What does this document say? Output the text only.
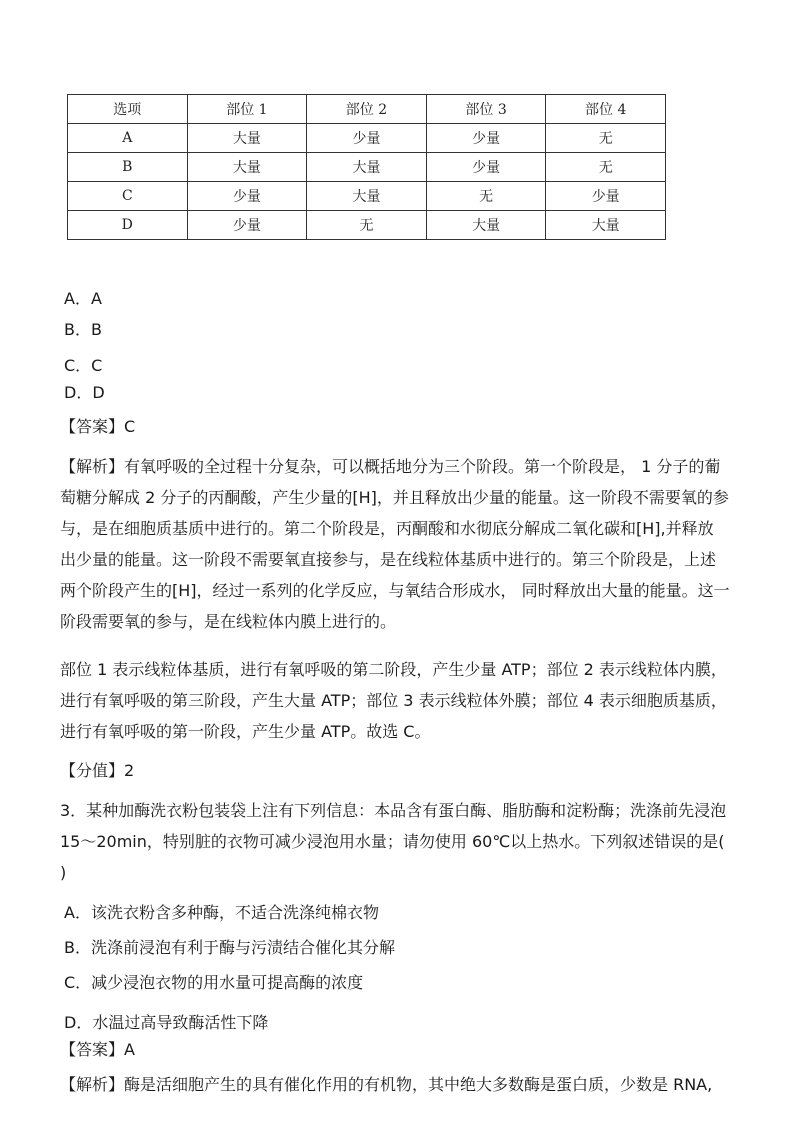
选项	部位 1	部位 2	部位 3	部位 4
A	大量	少量	少量	无
B	大量	大量	少量	无
C	少量	大量	无	少量
D	少量	无	大量	大量
A．A
B．B
C．C
D．D
【答案】C

【解析】有氧呼吸的全过程十分复杂，可以概括地分为三个阶段。第一个阶段是， 1 分子的葡

萄糖分解成 2 分子的丙酮酸，产生少量的[H]，并且释放出少量的能量。这一阶段不需要氧的参

与，是在细胞质基质中进行的。第二个阶段是，丙酮酸和水彻底分解成二氧化碳和[H],并释放

出少量的能量。这一阶段不需要氧直接参与，是在线粒体基质中进行的。第三个阶段是，上述

两个阶段产生的[H]，经过一系列的化学反应，与氧结合形成水， 同时释放出大量的能量。这一

阶段需要氧的参与，是在线粒体内膜上进行的。

部位 1 表示线粒体基质，进行有氧呼吸的第二阶段，产生少量 ATP；部位 2 表示线粒体内膜，

进行有氧呼吸的第三阶段，产生大量 ATP；部位 3 表示线粒体外膜；部位 4 表示细胞质基质，

进行有氧呼吸的第一阶段，产生少量 ATP。故选 C。

【分值】2

3．某种加酶洗衣粉包装袋上注有下列信息：本品含有蛋白酶、脂肪酶和淀粉酶；洗涤前先浸泡

15～20min，特别脏的衣物可减少浸泡用水量；请勿使用 60℃以上热水。下列叙述错误的是(

)

A．该洗衣粉含多种酶，不适合洗涤纯棉衣物
B．洗涤前浸泡有利于酶与污渍结合催化其分解
C．减少浸泡衣物的用水量可提高酶的浓度
D．水温过高导致酶活性下降
【答案】A
【解析】酶是活细胞产生的具有催化作用的有机物，其中绝大多数酶是蛋白质，少数是 RNA,
